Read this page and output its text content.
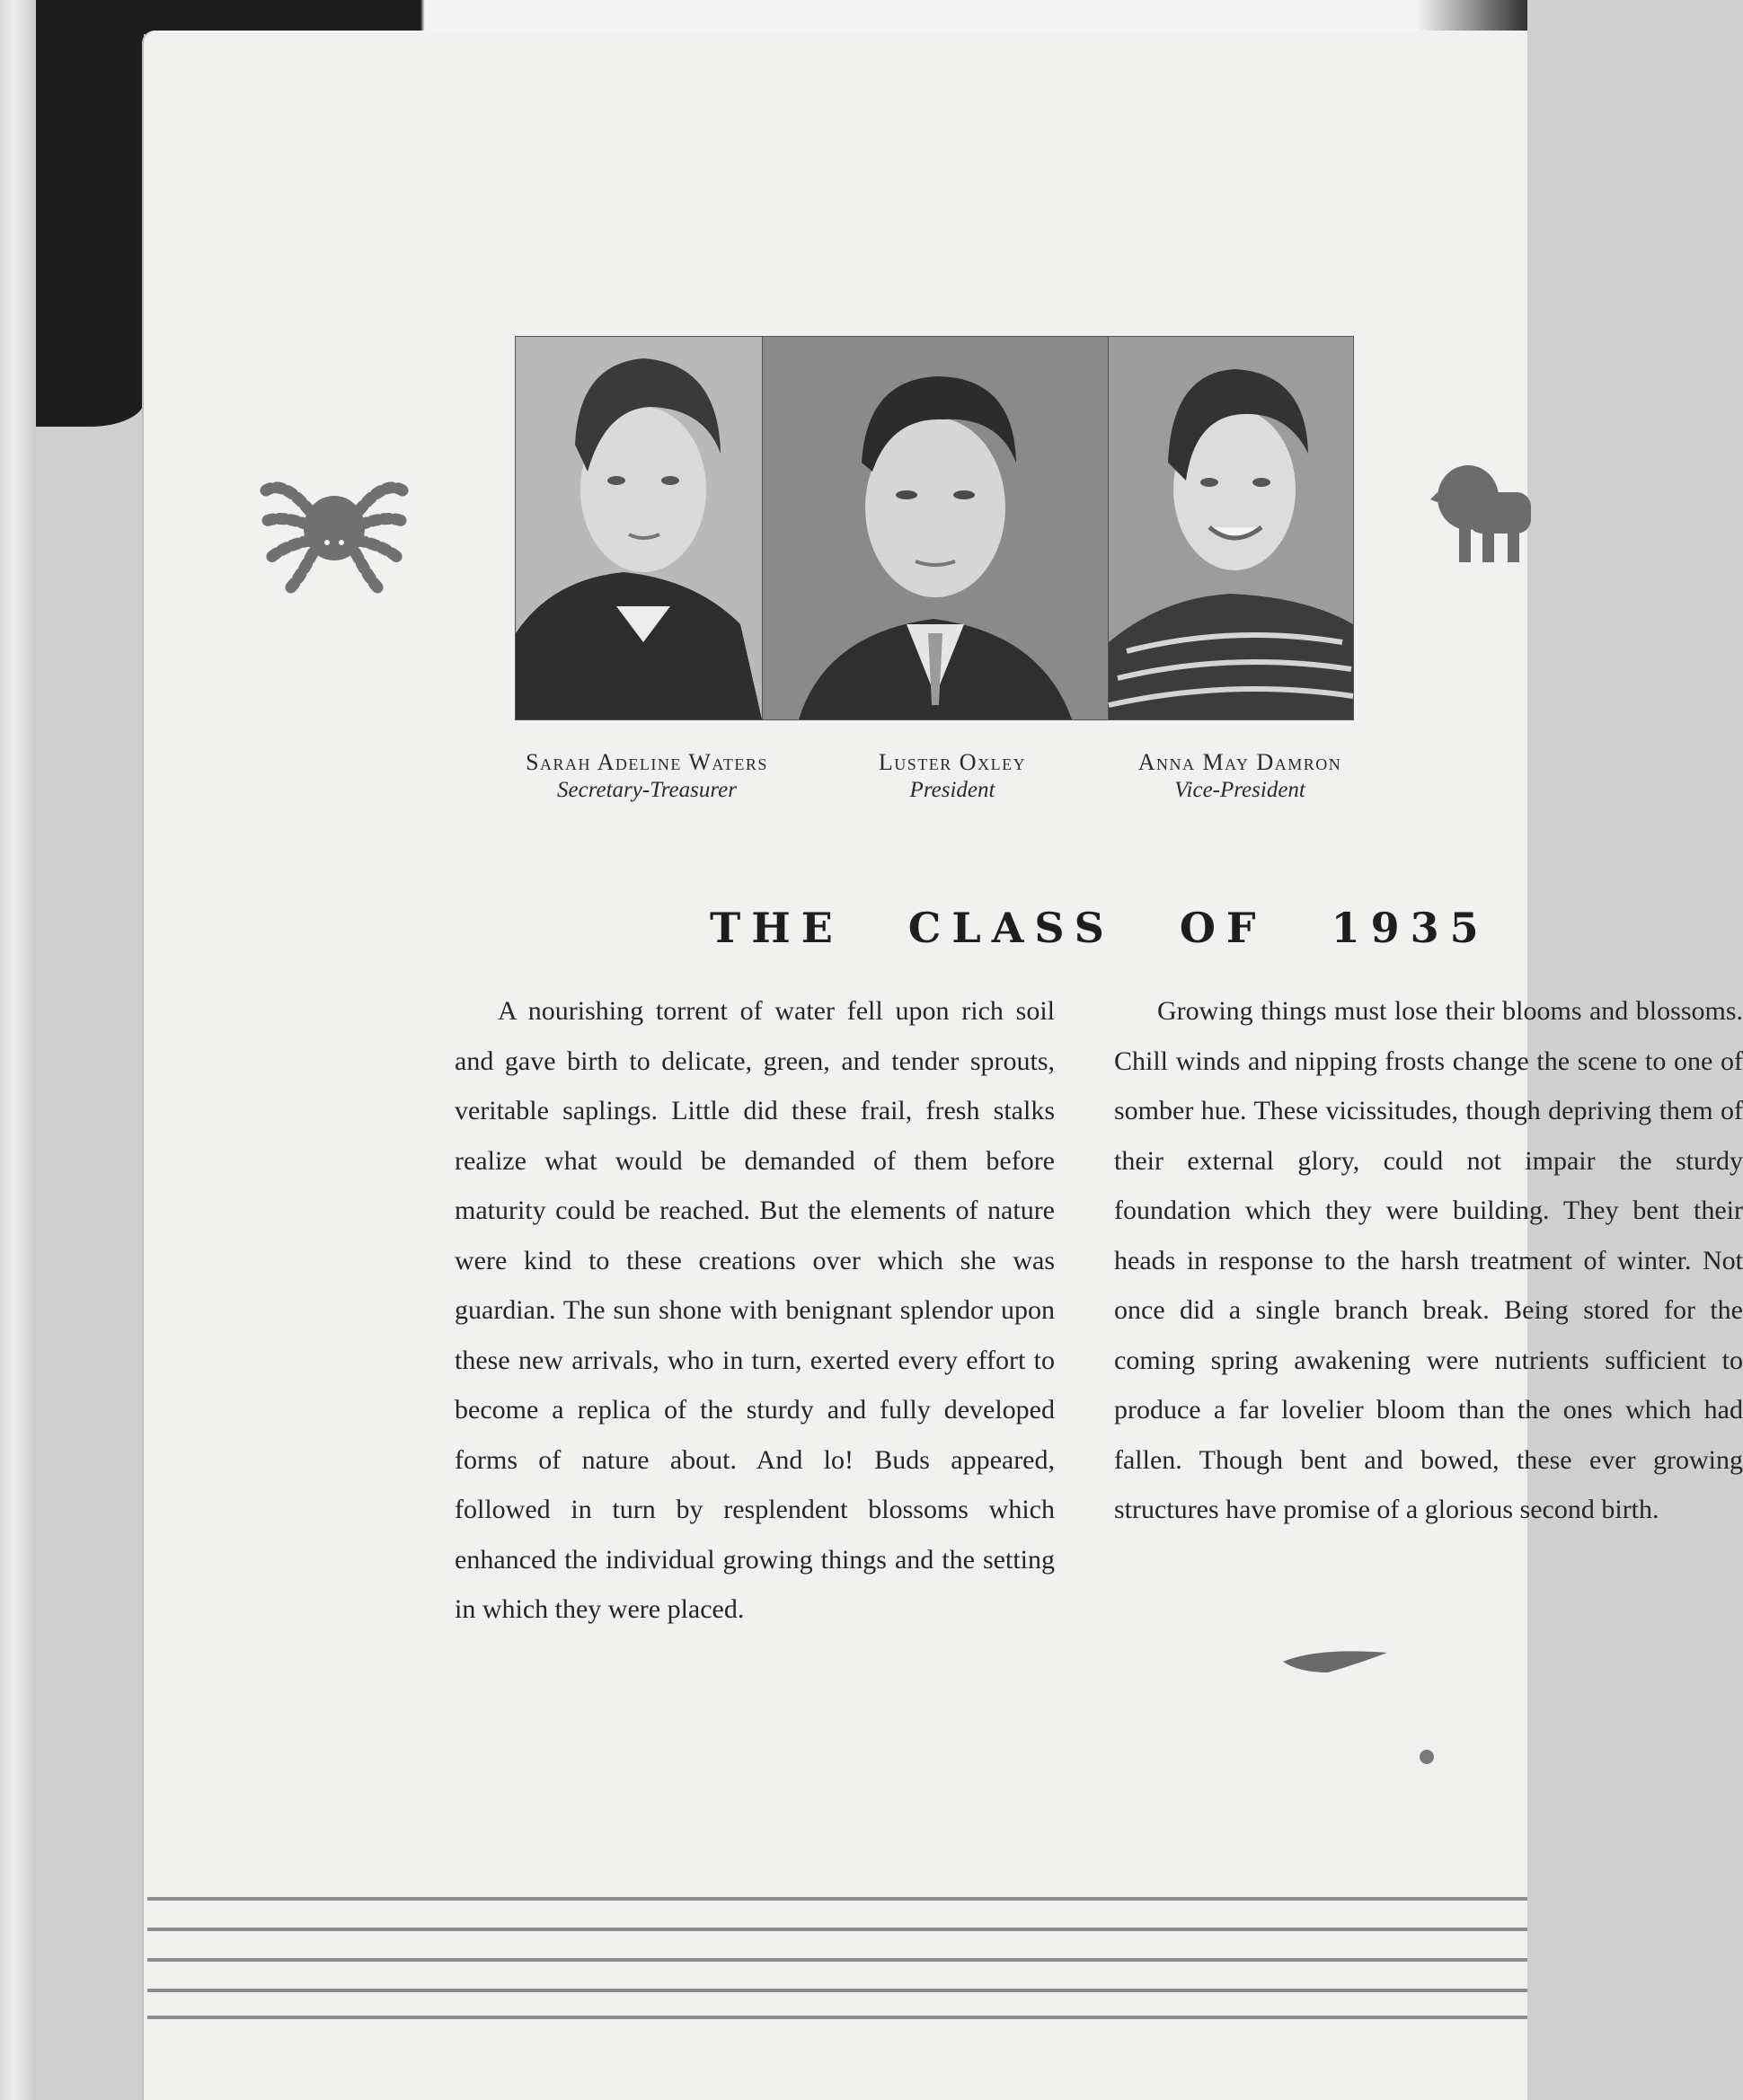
Sarah Adeline Waters
Secretary-Treasurer
Luster Oxley
President
Anna May Damron
Vice-President
THE CLASS OF 1935

A nourishing torrent of water fell upon rich soil and gave birth to delicate, green, and tender sprouts, veritable saplings. Little did these frail, fresh stalks realize what would be demanded of them before maturity could be reached. But the elements of nature were kind to these creations over which she was guardian. The sun shone with benignant splendor upon these new arrivals, who in turn, exerted every effort to become a replica of the sturdy and fully developed forms of nature about. And lo! Buds appeared, followed in turn by resplendent blossoms which enhanced the individual growing things and the setting in which they were placed.

Growing things must lose their blooms and blossoms. Chill winds and nipping frosts change the scene to one of somber hue. These vicissitudes, though depriving them of their external glory, could not impair the sturdy foundation which they were building. They bent their heads in response to the harsh treatment of winter. Not once did a single branch break. Being stored for the coming spring awakening were nutrients sufficient to produce a far lovelier bloom than the ones which had fallen. Though bent and bowed, these ever growing structures have promise of a glorious second birth.
